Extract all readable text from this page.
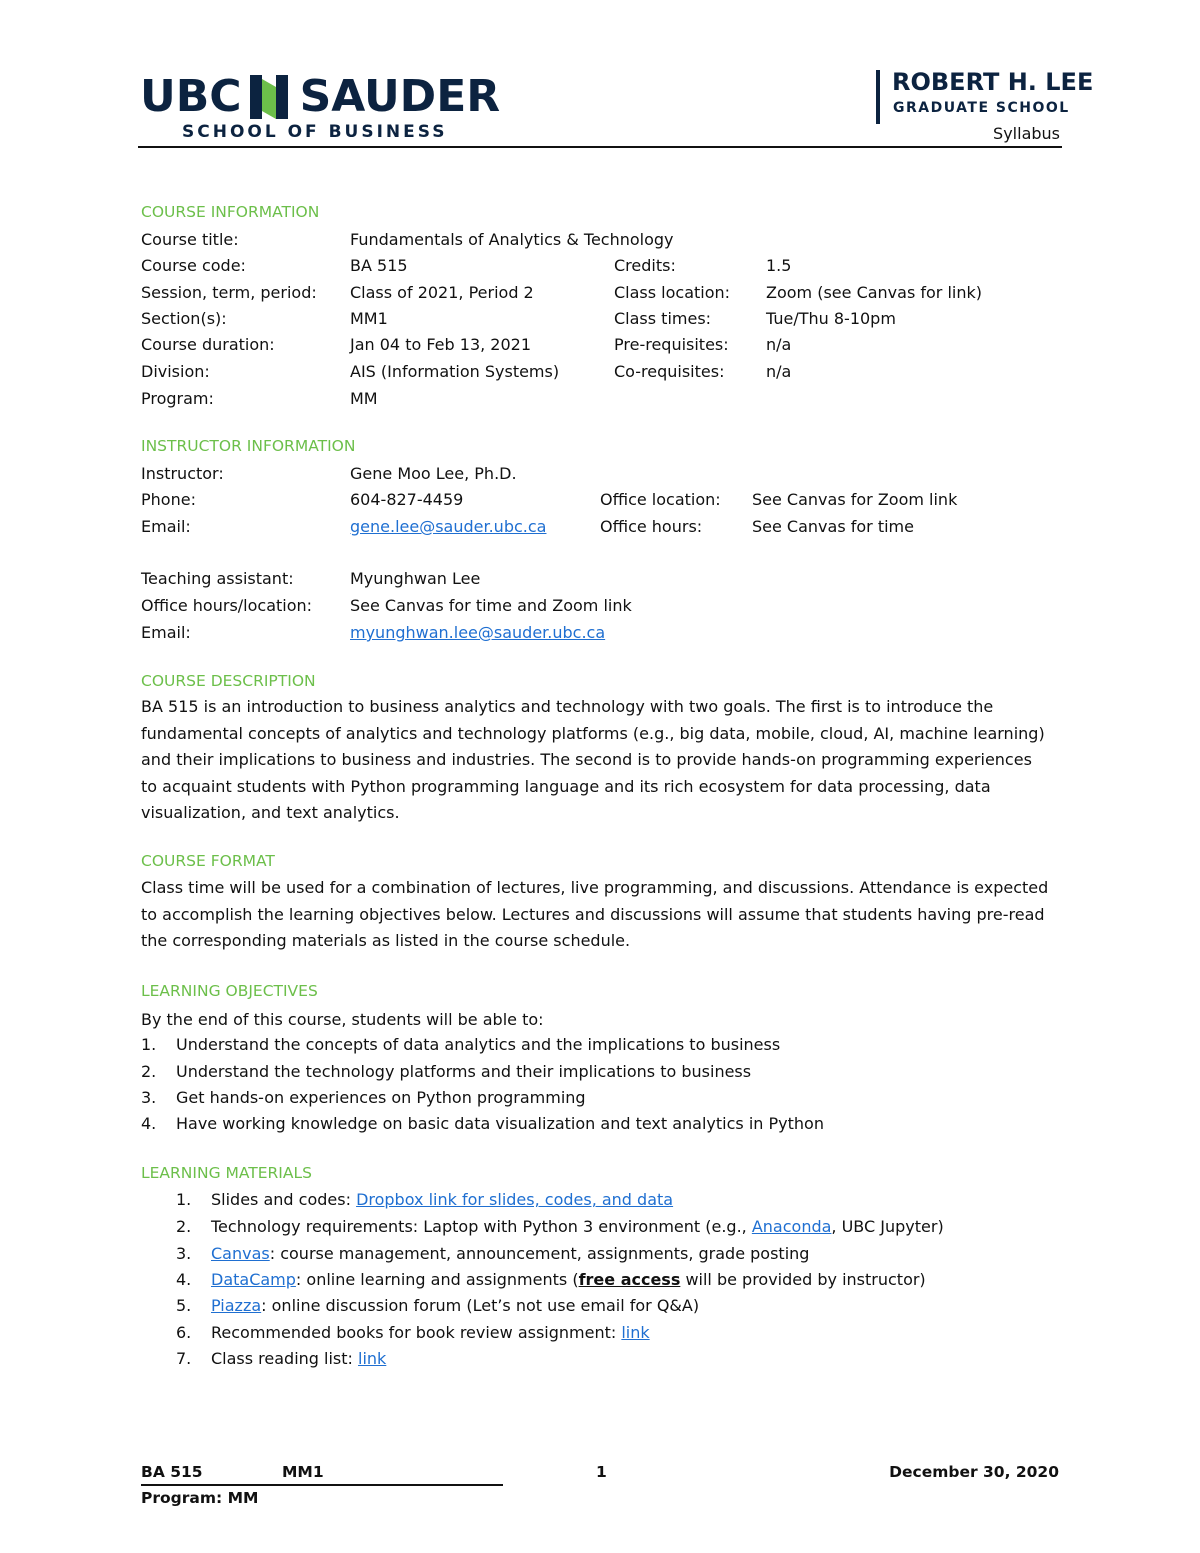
UBC SAUDER
SCHOOL OF BUSINESS
ROBERT H. LEE
GRADUATE SCHOOL
Syllabus
COURSE INFORMATION
Course title:	Fundamentals of Analytics & Technology
Course code:	BA 515	Credits:	1.5
Session, term, period: Class of 2021, Period 2	Class location: Zoom (see Canvas for link)
Section(s):	MM1	Class times:	Tue/Thu 8-10pm
Course duration:	Jan 04 to Feb 13, 2021	Pre-requisites: n/a
Division:	AIS (Information Systems)	Co-requisites:	n/a
Program:	MM
INSTRUCTOR INFORMATION
Instructor:	Gene Moo Lee, Ph.D.
Phone:	604-827-4459	Office location: See Canvas for Zoom link
Email:	gene.lee@sauder.ubc.ca	Office hours:	See Canvas for time
Teaching assistant:	Myunghwan Lee
Office hours/location: See Canvas for time and Zoom link
Email:	myunghwan.lee@sauder.ubc.ca
COURSE DESCRIPTION
BA 515 is an introduction to business analytics and technology with two goals. The first is to introduce the fundamental concepts of analytics and technology platforms (e.g., big data, mobile, cloud, AI, machine learning) and their implications to business and industries. The second is to provide hands-on programming experiences to acquaint students with Python programming language and its rich ecosystem for data processing, data visualization, and text analytics.
COURSE FORMAT
Class time will be used for a combination of lectures, live programming, and discussions. Attendance is expected to accomplish the learning objectives below. Lectures and discussions will assume that students having pre-read the corresponding materials as listed in the course schedule.
LEARNING OBJECTIVES
By the end of this course, students will be able to:
1. Understand the concepts of data analytics and the implications to business
2. Understand the technology platforms and their implications to business
3. Get hands-on experiences on Python programming
4. Have working knowledge on basic data visualization and text analytics in Python
LEARNING MATERIALS
1. Slides and codes: Dropbox link for slides, codes, and data
2. Technology requirements: Laptop with Python 3 environment (e.g., Anaconda, UBC Jupyter)
3. Canvas: course management, announcement, assignments, grade posting
4. DataCamp: online learning and assignments (free access will be provided by instructor)
5. Piazza: online discussion forum (Let’s not use email for Q&A)
6. Recommended books for book review assignment: link
7. Class reading list: link
BA 515	MM1	1	December 30, 2020
Program: MM
